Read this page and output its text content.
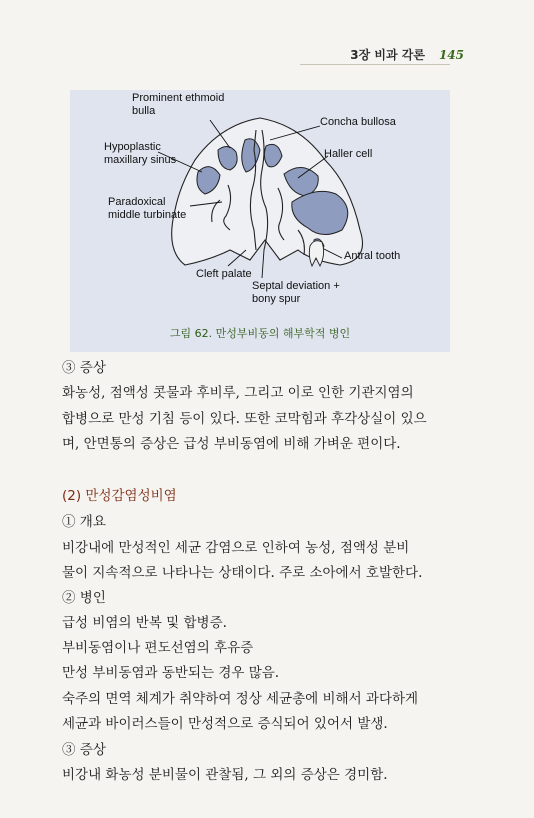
3장 비과 각론 145
Prominent ethmoid
bulla
Concha bullosa
Hypoplastic
maxillary sinus	Haller cell
Paradoxical
middle turbinate
Antral tooth
Cleft palate
Septal deviation +
bony spur
그림 62. 만성부비동의 해부학적 병인
③ 증상
화농성, 점액성 콧물과 후비루, 그리고 이로 인한 기관지염의
합병으로 만성 기침 등이 있다. 또한 코막힘과 후각상실이 있으
며, 안면통의 증상은 급성 부비동염에 비해 가벼운 편이다.
(2) 만성감염성비염
① 개요
비강내에 만성적인 세균 감염으로 인하여 농성, 점액성 분비
물이 지속적으로 나타나는 상태이다. 주로 소아에서 호발한다.
② 병인
급성 비염의 반복 및 합병증.
부비동염이나 편도선염의 후유증
만성 부비동염과 동반되는 경우 많음.
숙주의 면역 체계가 취약하여 정상 세균총에 비해서 과다하게
세균과 바이러스들이 만성적으로 증식되어 있어서 발생.
③ 증상
비강내 화농성 분비물이 관찰됨, 그 외의 증상은 경미함.
